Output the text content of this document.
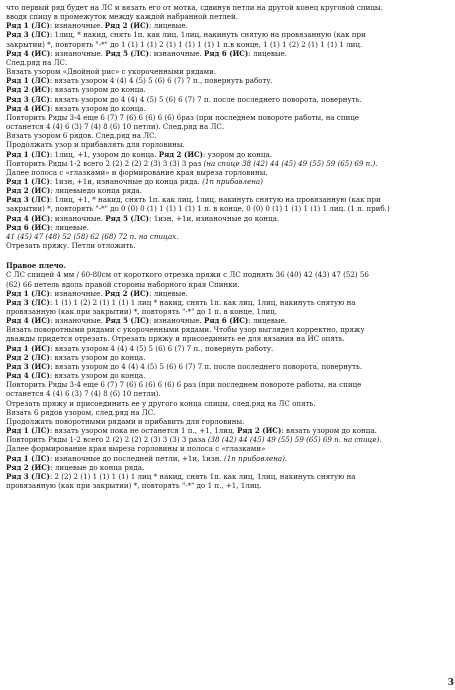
что первый ряд будет на ЛС и вязать его от мотка, сдвинув петли на другой конец круговой спицы.
вводя спицу в промежуток между каждой набранной петлей.
Ряд 1 (ЛС): изнаночные. Ряд 2 (ИС): лицевые.
Ряд 3 (ЛС): 1лиц, * накид, снять 1п. как лиц, 1лиц, накинуть снятую на провязанную (как при
закрытии) *, повторять "-*" до 1 (1) 1 (1) 2 (1) 1 (1) 1 (1) 1 п.в конце, 1 (1) 1 (2) 2 (1) 1 (1) 1 лиц.
Ряд 4 (ИС): изнаночные. Ряд 5 (ЛС): изнаночные. Ряд 6 (ИС): лицевые.
След.ряд на ЛС.
Вязать узором «Двойной рис» с укороченными рядами.
Ряд 1 (ЛС): вязать узором 4 (4) 4 (5) 5 (6) 6 (7) 7 п., повернуть работу.
Ряд 2 (ИС): вязать узором до конца.
Ряд 3 (ЛС): вязать узором до 4 (4) 4 (5) 5 (6) 6 (7) 7 п. после последнего поворота, повернуть.
Ряд 4 (ИС): вязать узором до конца.
Повторить Ряды 3-4 еще 6 (7) 7 (6) 6 (6) 6 (6) 6раз (при последнем повороте работы, на спице
останется 4 (4) 6 (3) 7 (4) 8 (6) 10 петли). След.ряд на ЛС.
Вязать узором 6 рядов. След.ряд на ЛС.
Продолжать узор и прибавлять для горловины.
Ряд 1 (ЛС): 1лиц, +1, узором до конца. Ряд 2 (ИС): узором до конца.
Повторить Ряды 1-2 всего 2 (2) 2 (2) 2 (3) 3 (3) 3 раз (на спице 38 (42) 44 (45) 49 (55) 59 (65) 69 п.).
Далее полоса с «глазками» и формирование края выреза горловины.
Ряд 1 (ЛС): 1изн, +1и, изнаночные до конца ряда. (1п прибавлена)
Ряд 2 (ИС): лицевыедо конца ряда.
Ряд 3 (ЛС): 1лиц, +1, * накид, снять 1п. как лиц, 1лиц, накинуть снятую на провязанную (как при
закрытии) *, повторять "-*" до 0 (0) 0 (1) 1 (1) 1 (1) 1 п. в конце, 0 (0) 0 (1) 1 (1) 1 (1) 1 лиц. (1 п. приб.)
Ряд 4 (ИС): изнаночные. Ряд 5 (ЛС): 1изн, +1и, изнаночные до конца.
Ряд 6 (ИС): лицевые.
41 (45) 47 (48) 52 (58) 62 (68) 72 п. на спицах.
Отрезать пряжу. Петли отложить.
Правое плечо.
С ЛС спицей 4 мм / 60-80см от короткого отрезка пряжи с ЛС поднять 36 (40) 42 (43) 47 (52) 56
(62) 66 петель вдоль правой стороны наборного края Спинки.
Ряд 1 (ЛС): изнаночные. Ряд 2 (ИС): лицевые.
Ряд 3 (ЛС): 1 (1) 1 (2) 2 (1) 1 (1) 1 лиц * накид, снять 1п. как лиц, 1лиц, накинуть снятую на
провязанную (как при закрытии) *, повторять "-*" до 1 п. в конце, 1лиц.
Ряд 4 (ИС): изнаночные. Ряд 5 (ЛС): изнаночные. Ряд 6 (ИС): лицевые.
Вязать поворотными рядами с укороченными рядами. Чтобы узор выглядел корректно, пряжу
дважды придется отрезать. Отрезать пряжу и присоединить ее для вязания на ИС опять.
Ряд 1 (ИС): вязать узором 4 (4) 4 (5) 5 (6) 6 (7) 7 п., повернуть работу.
Ряд 2 (ЛС): вязать узором до конца.
Ряд 3 (ИС): вязать узором до 4 (4) 4 (5) 5 (6) 6 (7) 7 п. после последнего поворота, повернуть.
Ряд 4 (ЛС): вязать узором до конца.
Повторить Ряды 3-4 еще 6 (7) 7 (6) 6 (6) 6 (6) 6 раз (при последнем повороте работы, на спице
останется 4 (4) 6 (3) 7 (4) 8 (6) 10 петли).
Отрезать пряжу и присоединить ее у другого конца спицы, след.ряд на ЛС опять.
Вязать 6 рядов узором, след.ряд на ЛС.
Продолжать поворотными рядами и прибавить для горловины.
Ряд 1 (ЛС): вязать узором пока не останется 1 п., +1, 1лиц. Ряд 2 (ИС): вязать узором до конца.
Повторить Ряды 1-2 всего 2 (2) 2 (2) 2 (3) 3 (3) 3 раза (38 (42) 44 (45) 49 (55) 59 (65) 69 п. на спице).
Далее формирование края выреза горловины и полоса с «глазками»
Ряд 1 (ЛС): изнаночные до последней петли, +1и, 1изн. (1п прибавлена).
Ряд 2 (ИС): лицевые до конца ряда.
Ряд 3 (ЛС): 2 (2) 2 (1) 1 (1) 1 (1) 1 лиц * накид, снять 1п. как лиц, 1лиц, накинуть снятую на
провязанную (как при закрытии) *, повторять "-*" до 1 п., +1, 1лиц.
3
